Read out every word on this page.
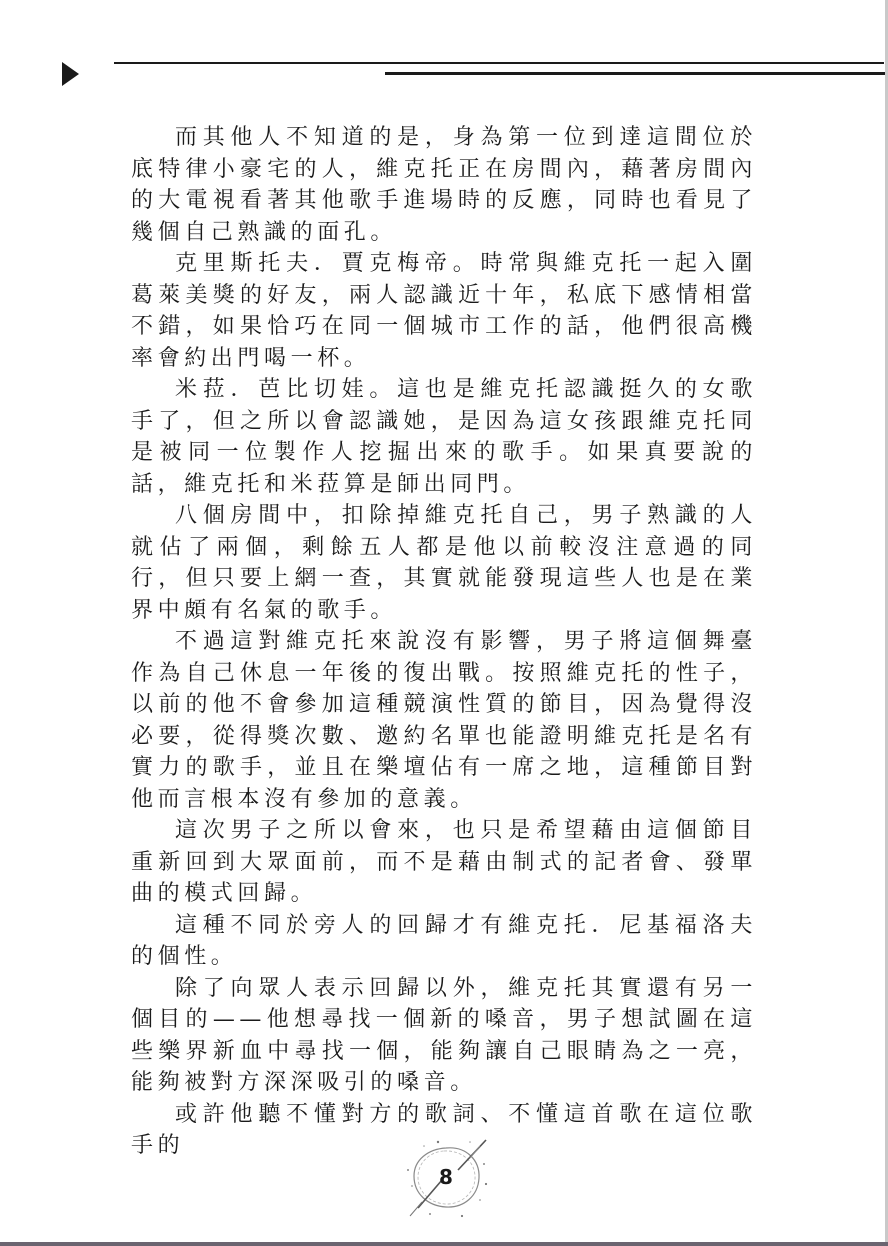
而其他人不知道的是，身為第一位到達這間位於底特律小豪宅的人，維克托正在房間內，藉著房間內的大電視看著其他歌手進場時的反應，同時也看見了幾個自己熟識的面孔。

克里斯托夫．賈克梅帝。時常與維克托一起入圍葛萊美獎的好友，兩人認識近十年，私底下感情相當不錯，如果恰巧在同一個城市工作的話，他們很高機率會約出門喝一杯。

米菈．芭比切娃。這也是維克托認識挺久的女歌手了，但之所以會認識她，是因為這女孩跟維克托同是被同一位製作人挖掘出來的歌手。如果真要說的話，維克托和米菈算是師出同門。

八個房間中，扣除掉維克托自己，男子熟識的人就佔了兩個，剩餘五人都是他以前較沒注意過的同行，但只要上網一查，其實就能發現這些人也是在業界中頗有名氣的歌手。

不過這對維克托來說沒有影響，男子將這個舞臺作為自己休息一年後的復出戰。按照維克托的性子，以前的他不會參加這種競演性質的節目，因為覺得沒必要，從得獎次數、邀約名單也能證明維克托是名有實力的歌手，並且在樂壇佔有一席之地，這種節目對他而言根本沒有參加的意義。

這次男子之所以會來，也只是希望藉由這個節目重新回到大眾面前，而不是藉由制式的記者會、發單曲的模式回歸。

這種不同於旁人的回歸才有維克托．尼基福洛夫的個性。

除了向眾人表示回歸以外，維克托其實還有另一個目的——他想尋找一個新的嗓音，男子想試圖在這些樂界新血中尋找一個，能夠讓自己眼睛為之一亮，能夠被對方深深吸引的嗓音。

或許他聽不懂對方的歌詞、不懂這首歌在這位歌手的

8
